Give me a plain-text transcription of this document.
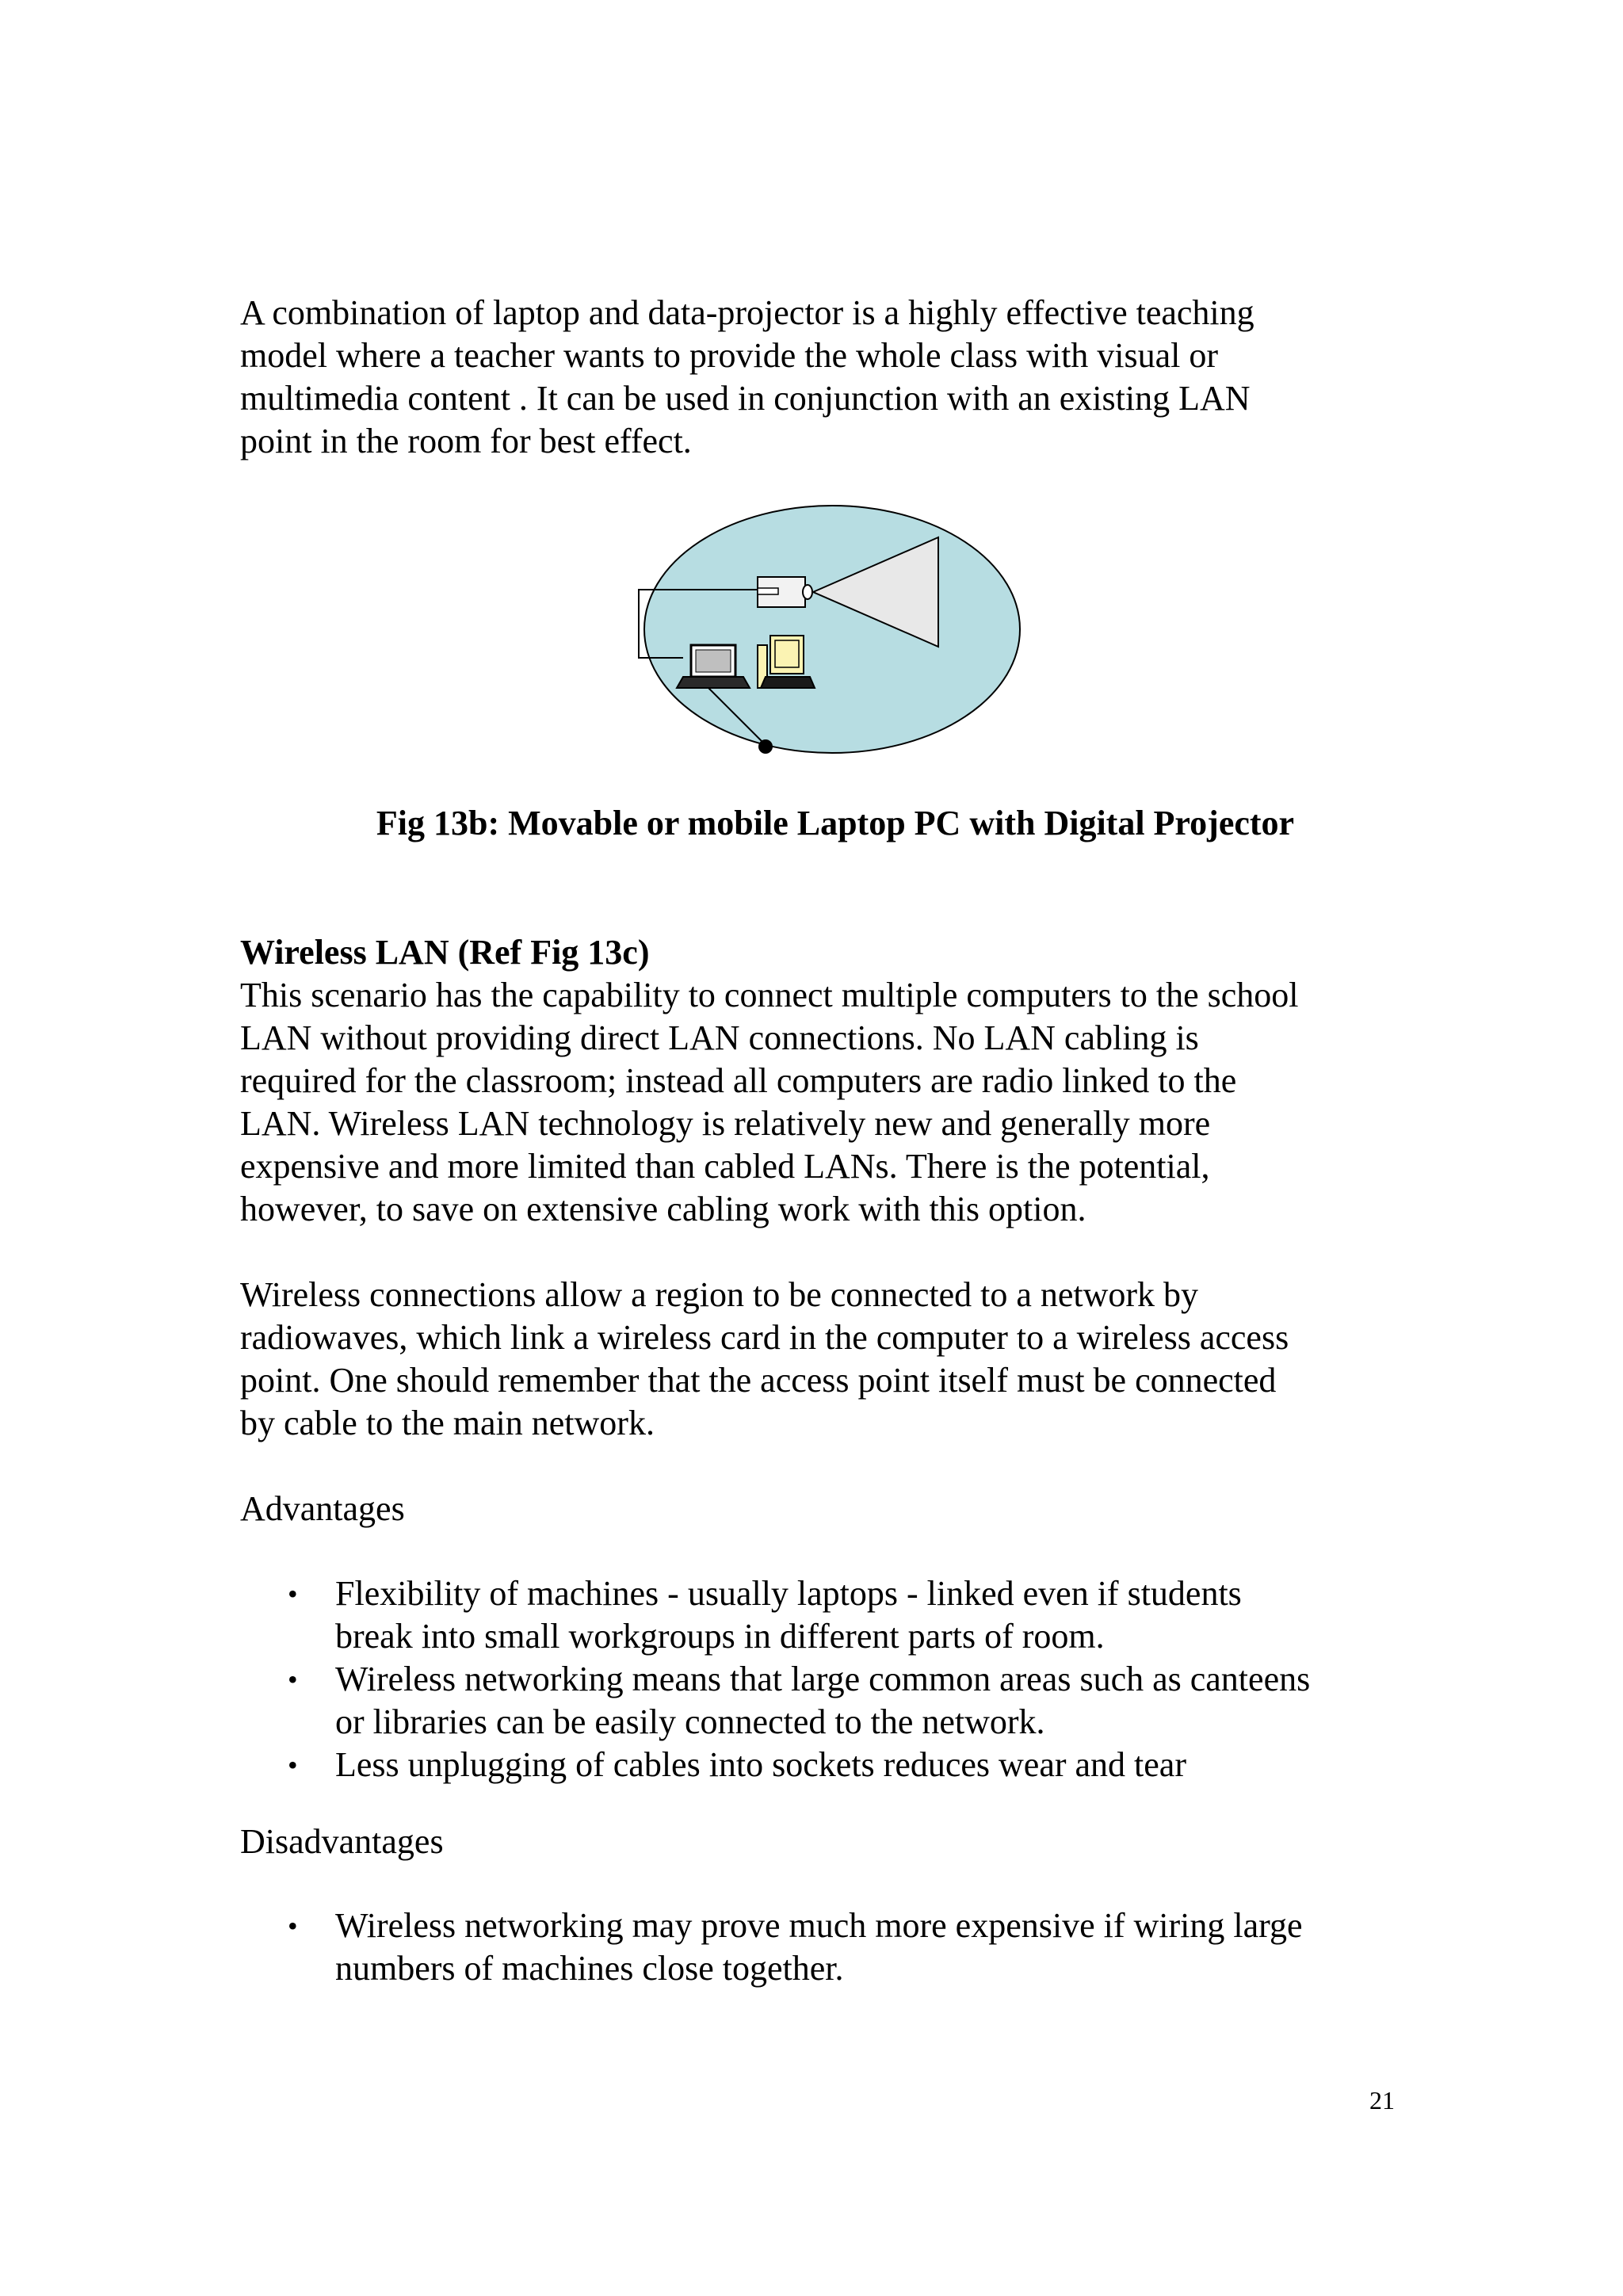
A combination of laptop and data-projector is a highly effective teaching
model where a teacher wants to provide the whole class with visual or
multimedia content . It can be used in conjunction with an existing LAN
point in the room for best effect.
Fig 13b: Movable or mobile Laptop PC with Digital Projector
Wireless LAN (Ref Fig 13c)
This scenario has the capability to connect multiple computers to the school
LAN without providing direct LAN connections. No LAN cabling is
required for the classroom; instead all computers are radio linked to the
LAN. Wireless LAN technology is relatively new and generally more
expensive and more limited than cabled LANs. There is the potential,
however, to save on extensive cabling work with this option.
Wireless connections allow a region to be connected to a network by
radiowaves, which link a wireless card in the computer to a wireless access
point. One should remember that the access point itself must be connected
by cable to the main network.
Advantages
• Flexibility of machines - usually laptops - linked even if students
break into small workgroups in different parts of room.
• Wireless networking means that large common areas such as canteens
or libraries can be easily connected to the network.
• Less unplugging of cables into sockets reduces wear and tear
Disadvantages
• Wireless networking may prove much more expensive if wiring large
numbers of machines close together.
21
